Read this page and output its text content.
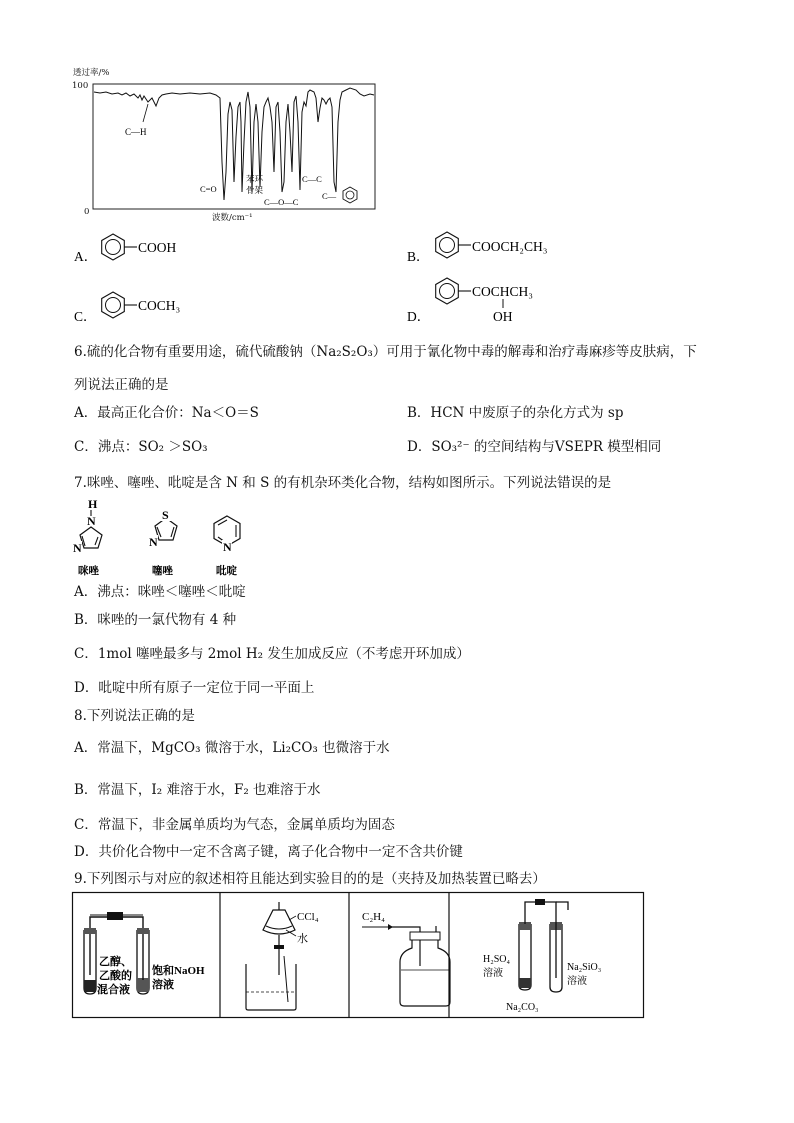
透过率/%
100
0
波数/cm⁻¹
C—H
C=O
苯环
骨架
C—O—C
C—C
C—
A．
COOH
B．
COOCH₂CH₃
C．
COCH₃
D．
COCHCH₃
OH
6.硫的化合物有重要用途，硫代硫酸钠（Na₂S₂O₃）可用于氰化物中毒的解毒和治疗毒麻疹等皮肤病，下
列说法正确的是
A．最高正化合价：Na＜O＝S	B．HCN 中废原子的杂化方式为 sp
C．沸点：SO₂ ＞SO₃	D．SO₃²⁻ 的空间结构与VSEPR 模型相同
7.咪唑、噻唑、吡啶是含 N 和 S 的有机杂环类化合物，结构如图所示。下列说法错误的是
H
N
N
咪唑
S
N
噻唑
N
吡啶
A．沸点：咪唑＜噻唑＜吡啶
B．咪唑的一氯代物有 4 种
C．1mol 噻唑最多与 2mol H₂ 发生加成反应（不考虑开环加成）
D．吡啶中所有原子一定位于同一平面上
8.下列说法正确的是
A．常温下，MgCO₃ 微溶于水，Li₂CO₃ 也微溶于水
B．常温下，I₂ 难溶于水，F₂ 也难溶于水
C．常温下，非金属单质均为气态，金属单质均为固态
D．共价化合物中一定不含离子键，离子化合物中一定不含共价键
9.下列图示与对应的叙述相符且能达到实验目的的是（夹持及加热装置已略去）
乙醇、
乙酸的
混合液
饱和NaOH
溶液
CCl₄
水
C₂H₄
H₂SO₄
溶液
Na₂SiO₃
溶液
Na₂CO₃
